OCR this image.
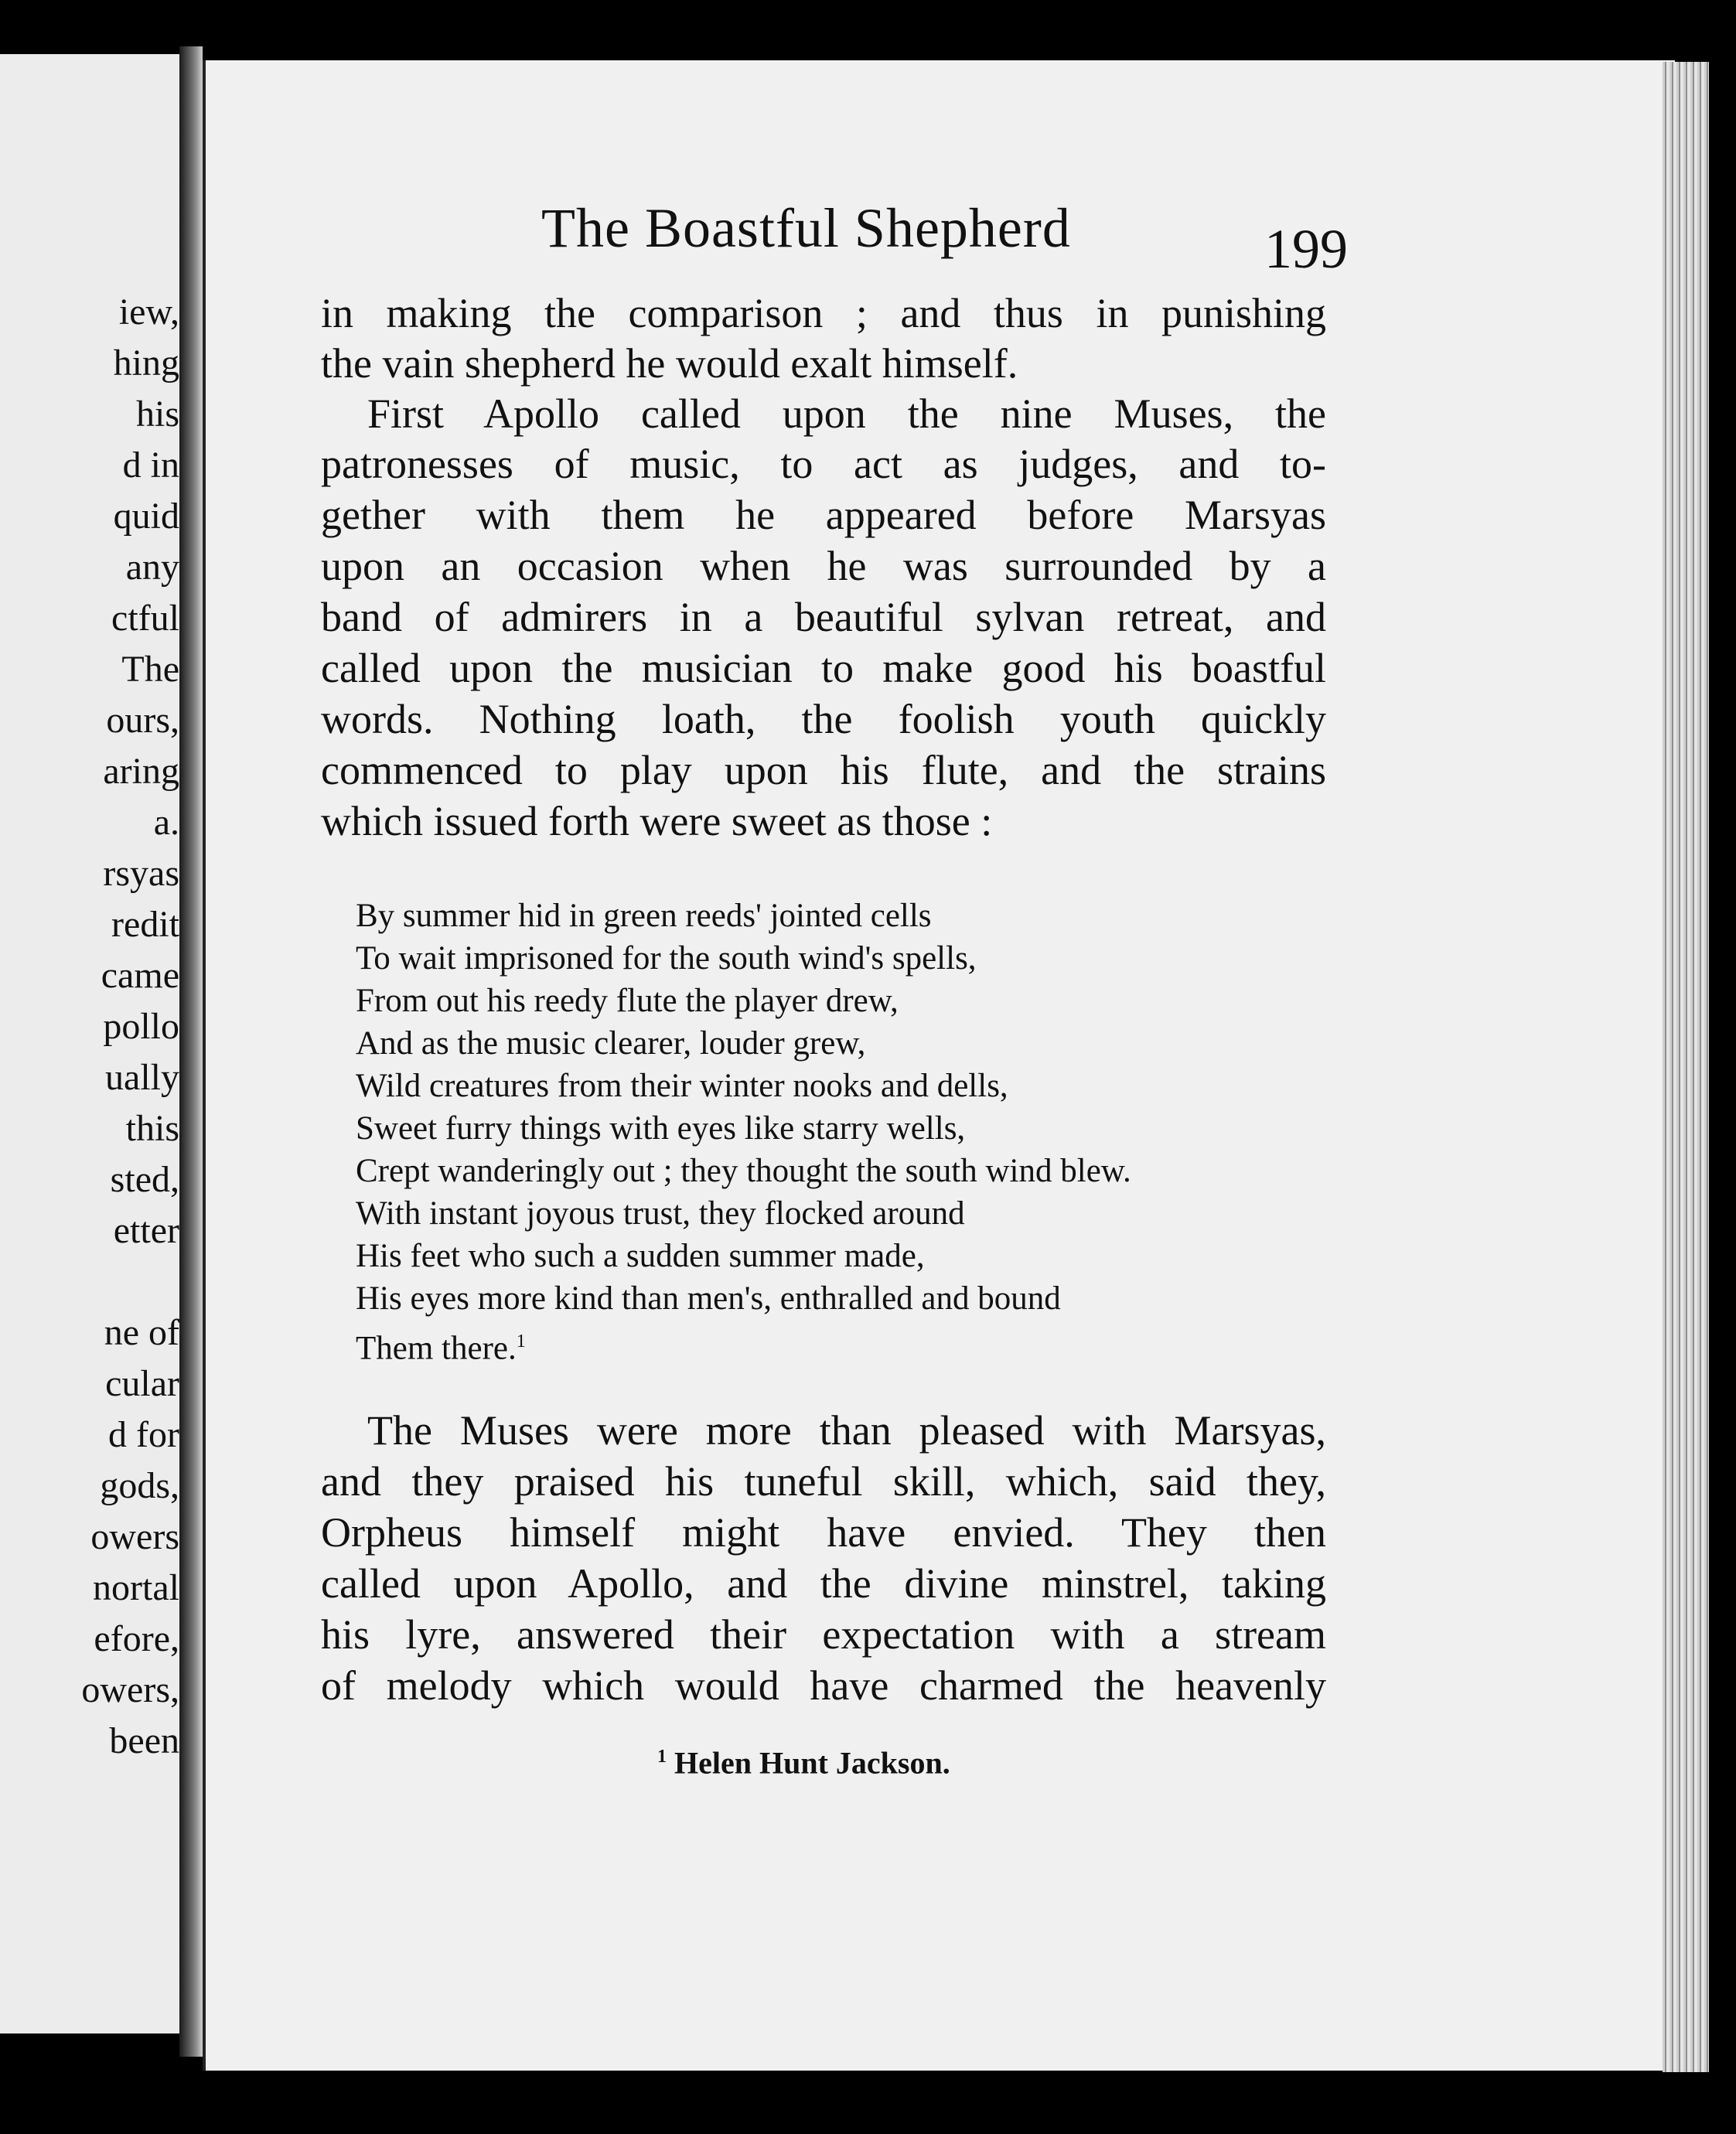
iew,
hing
his
d in
quid
any
ctful
The
ours,
aring
a.
rsyas
redit
came
pollo
ually
this
sted,
etter
ne of
cular
d for
gods,
owers
nortal
efore,
owers,
been
The Boastful Shepherd	199
in making the comparison ; and thus in punishing
the vain shepherd he would exalt himself.
First Apollo called upon the nine Muses, the
patronesses of music, to act as judges, and to-
gether with them he appeared before Marsyas
upon an occasion when he was surrounded by a
band of admirers in a beautiful sylvan retreat, and
called upon the musician to make good his boastful
words. Nothing loath, the foolish youth quickly
commenced to play upon his flute, and the strains
which issued forth were sweet as those :
By summer hid in green reeds' jointed cells
To wait imprisoned for the south wind's spells,
From out his reedy flute the player drew,
And as the music clearer, louder grew,
Wild creatures from their winter nooks and dells,
Sweet furry things with eyes like starry wells,
Crept wanderingly out ; they thought the south wind blew.
With instant joyous trust, they flocked around
His feet who such a sudden summer made,
His eyes more kind than men's, enthralled and bound
Them there.$^1$
The Muses were more than pleased with Marsyas,
and they praised his tuneful skill, which, said they,
Orpheus himself might have envied. They then
called upon Apollo, and the divine minstrel, taking
his lyre, answered their expectation with a stream
of melody which would have charmed the heavenly
$^1$ Helen Hunt Jackson.
